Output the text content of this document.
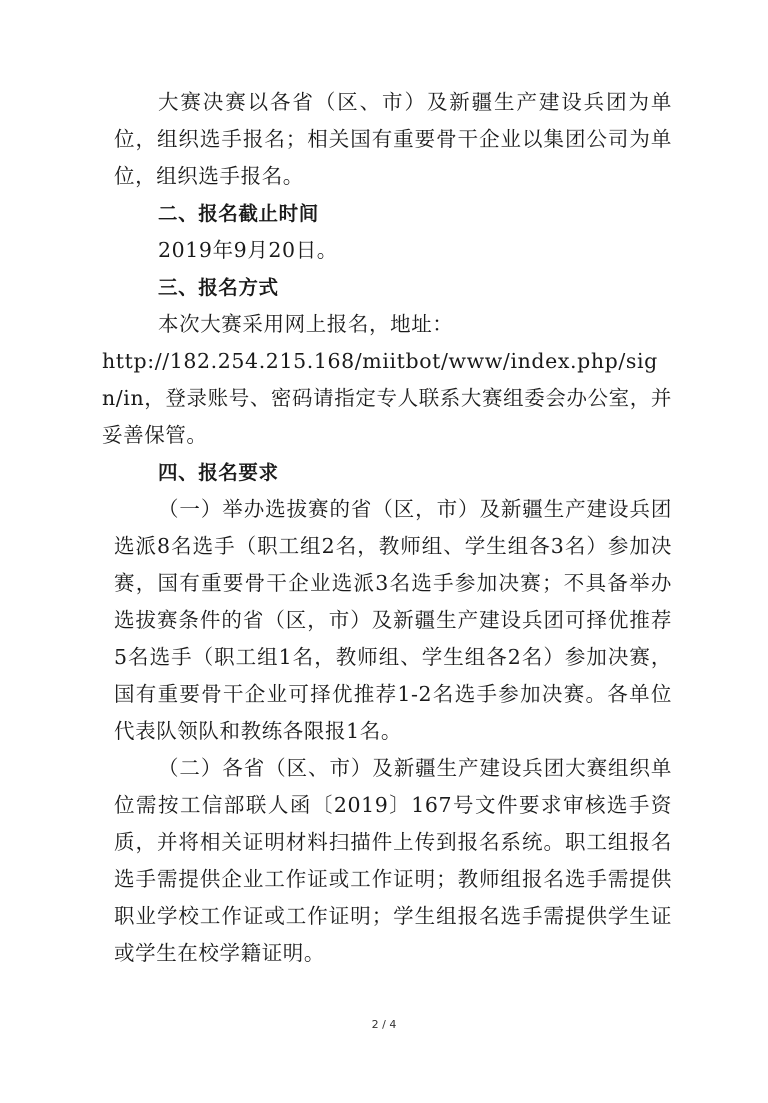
大赛决赛以各省（区、市）及新疆生产建设兵团为单位，组织选手报名；相关国有重要骨干企业以集团公司为单位，组织选手报名。

二、报名截止时间

2019年9月20日。

三、报名方式

本次大赛采用网上报名，地址：

http://182.254.215.168/miitbot/www/index.php/sign/in，登录账号、密码请指定专人联系大赛组委会办公室，并妥善保管。

四、报名要求

（一）举办选拔赛的省（区，市）及新疆生产建设兵团选派8名选手（职工组2名，教师组、学生组各3名）参加决赛，国有重要骨干企业选派3名选手参加决赛；不具备举办选拔赛条件的省（区，市）及新疆生产建设兵团可择优推荐5名选手（职工组1名，教师组、学生组各2名）参加决赛，国有重要骨干企业可择优推荐1-2名选手参加决赛。各单位代表队领队和教练各限报1名。

（二）各省（区、市）及新疆生产建设兵团大赛组织单位需按工信部联人函〔2019〕167号文件要求审核选手资质，并将相关证明材料扫描件上传到报名系统。职工组报名选手需提供企业工作证或工作证明；教师组报名选手需提供职业学校工作证或工作证明；学生组报名选手需提供学生证或学生在校学籍证明。

2 / 4
